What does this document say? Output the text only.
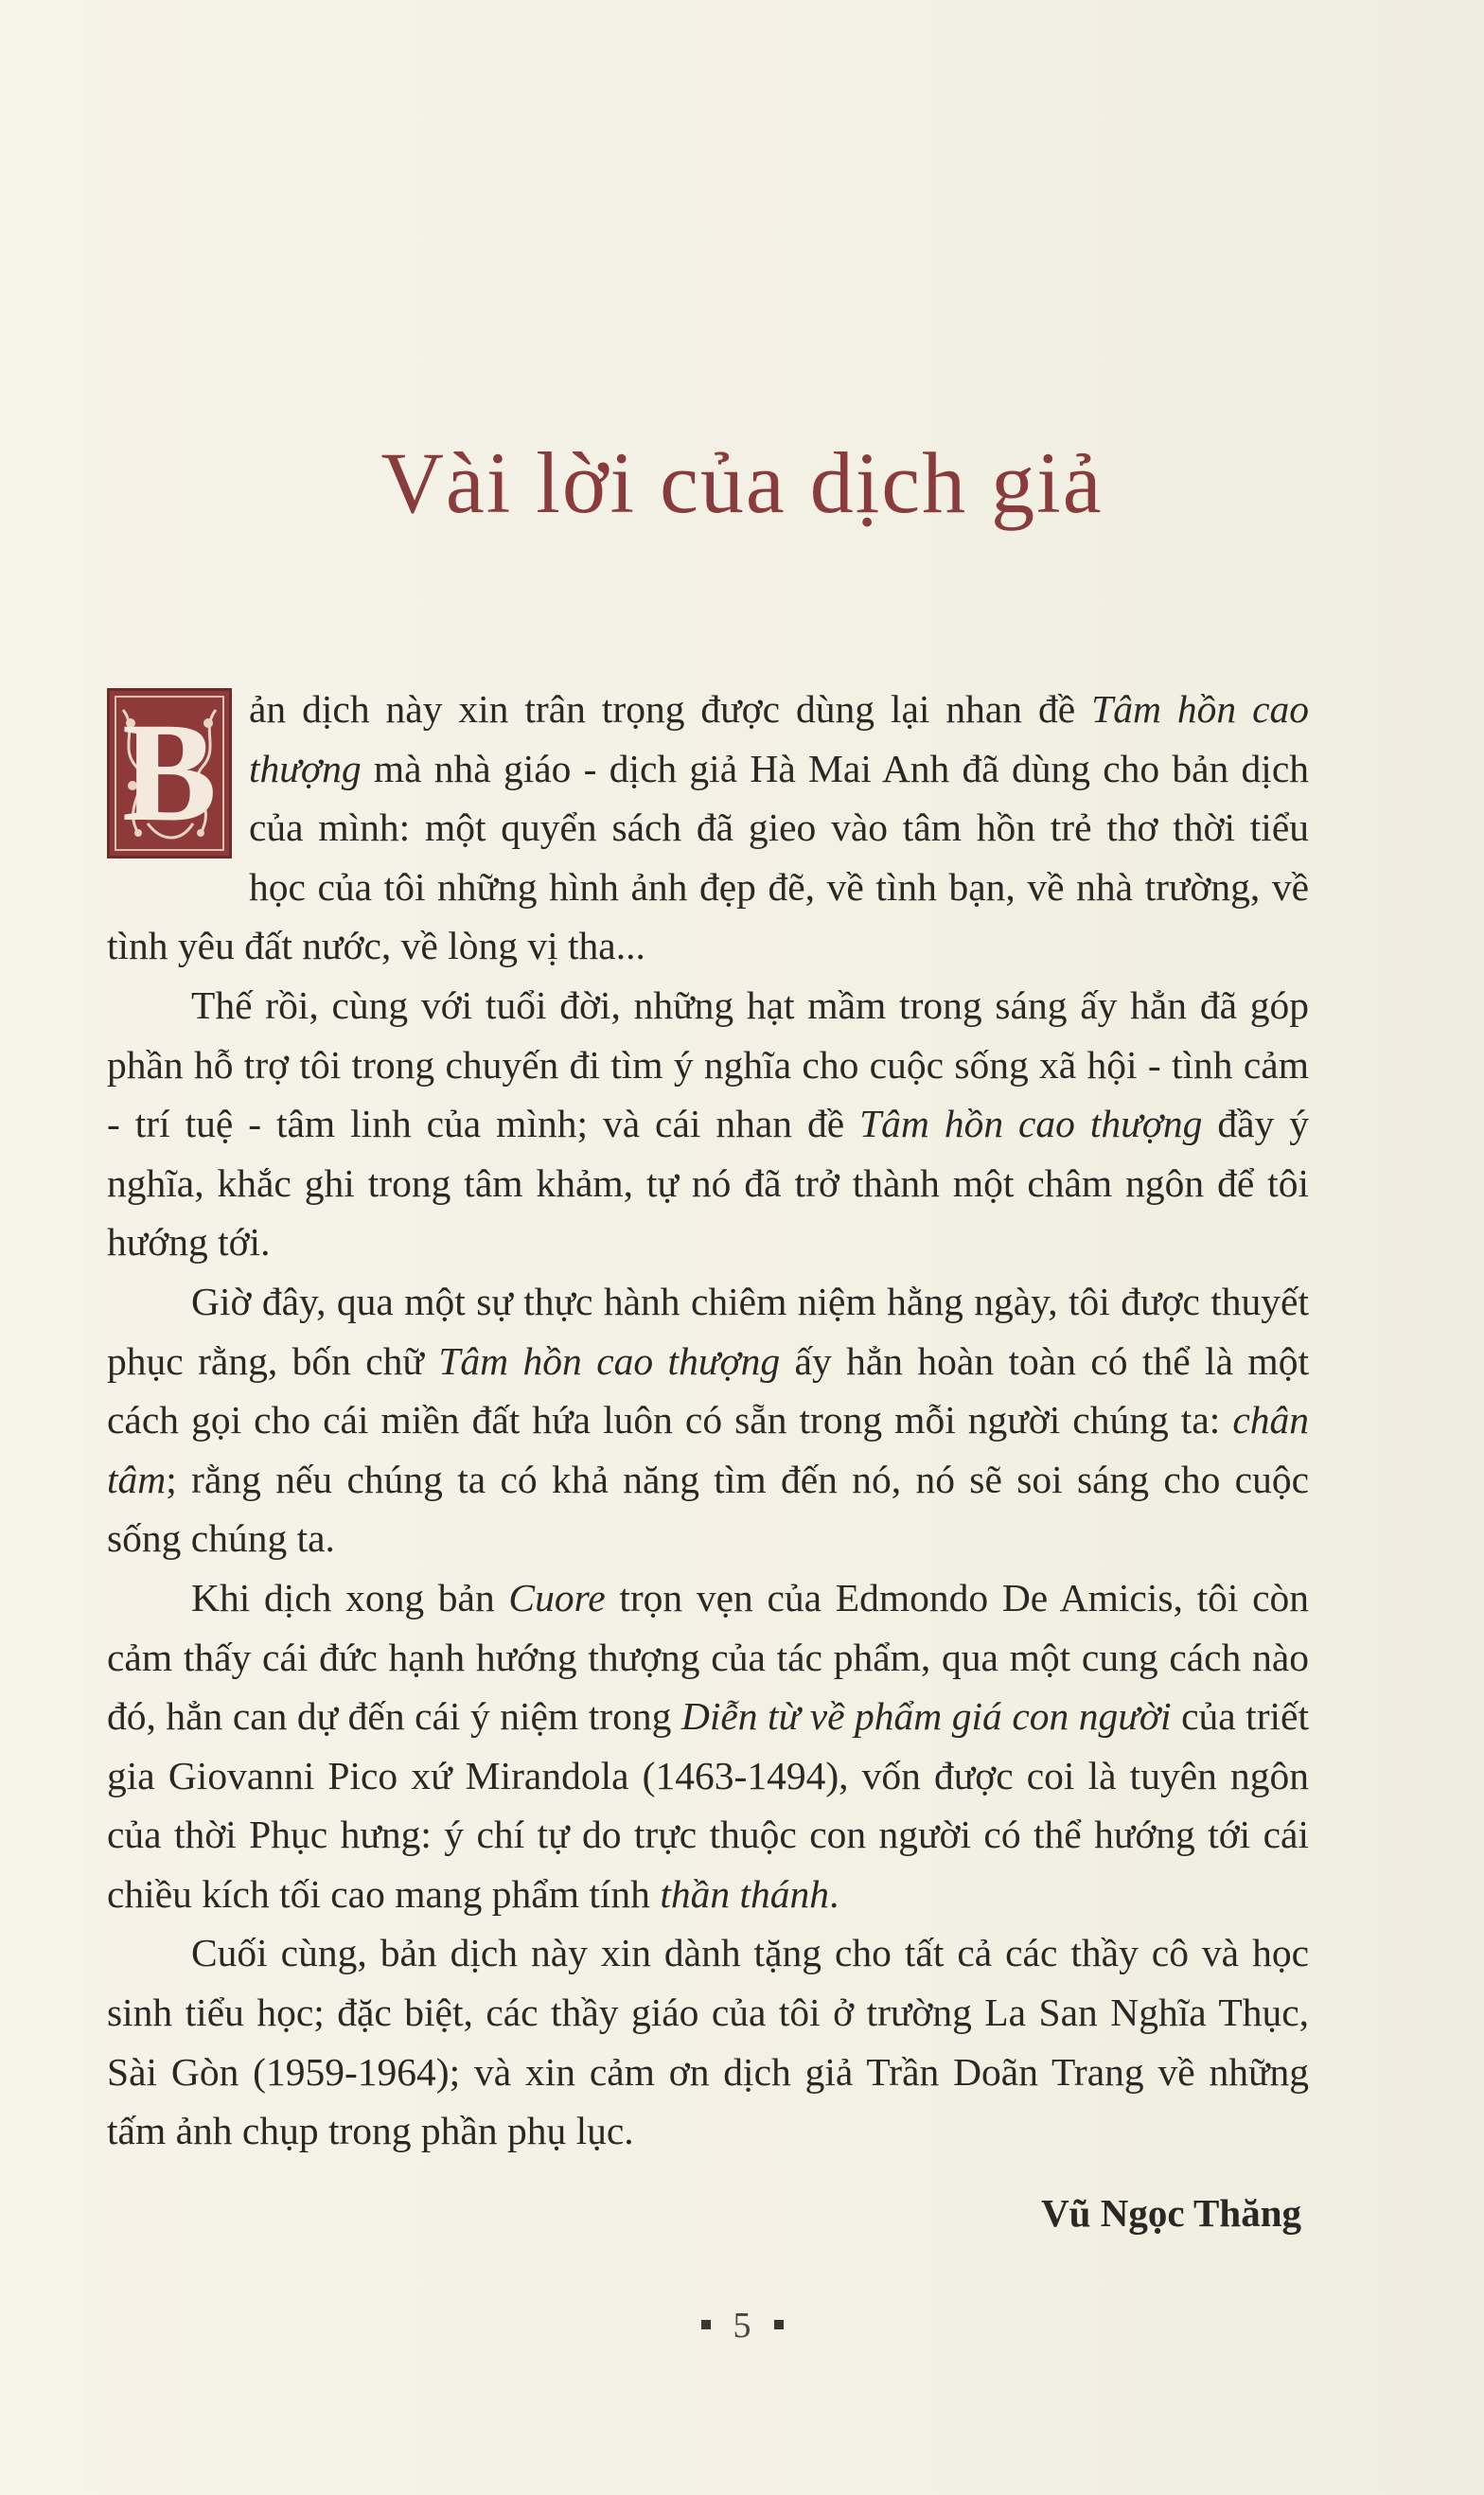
Vài lời của dịch giả

B ản dịch này xin trân trọng được dùng lại nhan đề Tâm hồn cao thượng mà nhà giáo - dịch giả Hà Mai Anh đã dùng cho bản dịch của mình: một quyển sách đã gieo vào tâm hồn trẻ thơ thời tiểu học của tôi những hình ảnh đẹp đẽ, về tình bạn, về nhà trường, về tình yêu đất nước, về lòng vị tha...

Thế rồi, cùng với tuổi đời, những hạt mầm trong sáng ấy hẳn đã góp phần hỗ trợ tôi trong chuyến đi tìm ý nghĩa cho cuộc sống xã hội - tình cảm - trí tuệ - tâm linh của mình; và cái nhan đề Tâm hồn cao thượng đầy ý nghĩa, khắc ghi trong tâm khảm, tự nó đã trở thành một châm ngôn để tôi hướng tới.

Giờ đây, qua một sự thực hành chiêm niệm hằng ngày, tôi được thuyết phục rằng, bốn chữ Tâm hồn cao thượng ấy hẳn hoàn toàn có thể là một cách gọi cho cái miền đất hứa luôn có sẵn trong mỗi người chúng ta: chân tâm; rằng nếu chúng ta có khả năng tìm đến nó, nó sẽ soi sáng cho cuộc sống chúng ta.

Khi dịch xong bản Cuore trọn vẹn của Edmondo De Amicis, tôi còn cảm thấy cái đức hạnh hướng thượng của tác phẩm, qua một cung cách nào đó, hẳn can dự đến cái ý niệm trong Diễn từ về phẩm giá con người của triết gia Giovanni Pico xứ Mirandola (1463-1494), vốn được coi là tuyên ngôn của thời Phục hưng: ý chí tự do trực thuộc con người có thể hướng tới cái chiều kích tối cao mang phẩm tính thần thánh.

Cuối cùng, bản dịch này xin dành tặng cho tất cả các thầy cô và học sinh tiểu học; đặc biệt, các thầy giáo của tôi ở trường La San Nghĩa Thục, Sài Gòn (1959-1964); và xin cảm ơn dịch giả Trần Doãn Trang về những tấm ảnh chụp trong phần phụ lục.

Vũ Ngọc Thăng
5
